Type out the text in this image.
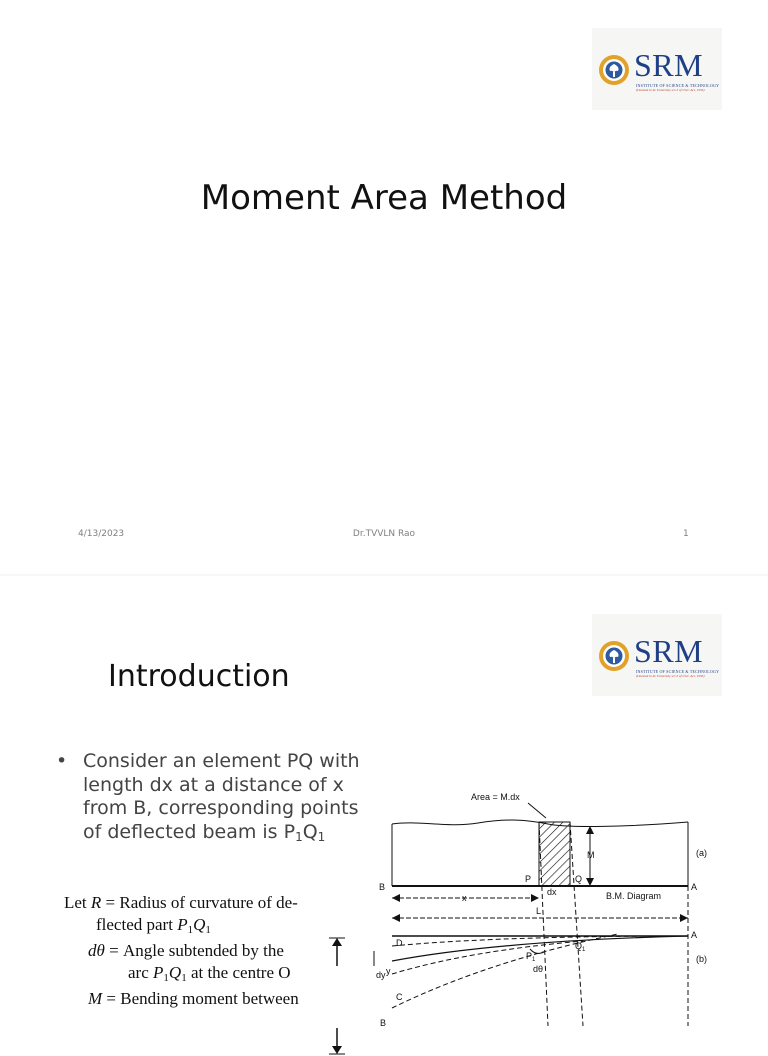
SRM
INSTITUTE OF SCIENCE & TECHNOLOGY
(Deemed to be University u/s 3 of UGC Act, 1956)
Moment Area Method
4/13/2023	Dr.TVVLN Rao	1
SRM
INSTITUTE OF SCIENCE & TECHNOLOGY
(Deemed to be University u/s 3 of UGC Act, 1956)
Introduction
• Consider an element PQ with length dx at a distance of x from B, corresponding points of deflected beam is $P_1Q_1$
Let R = Radius of curvature of de-
flected part P1Q1
dθ = Angle subtended by the
arc P1Q1 at the centre O
M = Bending moment between
Area = M.dx
M	(a)
B
P	Q
A
x
dx	B.M. Diagram
L
A
(b)
D
dy y
$P_1$
$Q_1$
dθ
C
B
